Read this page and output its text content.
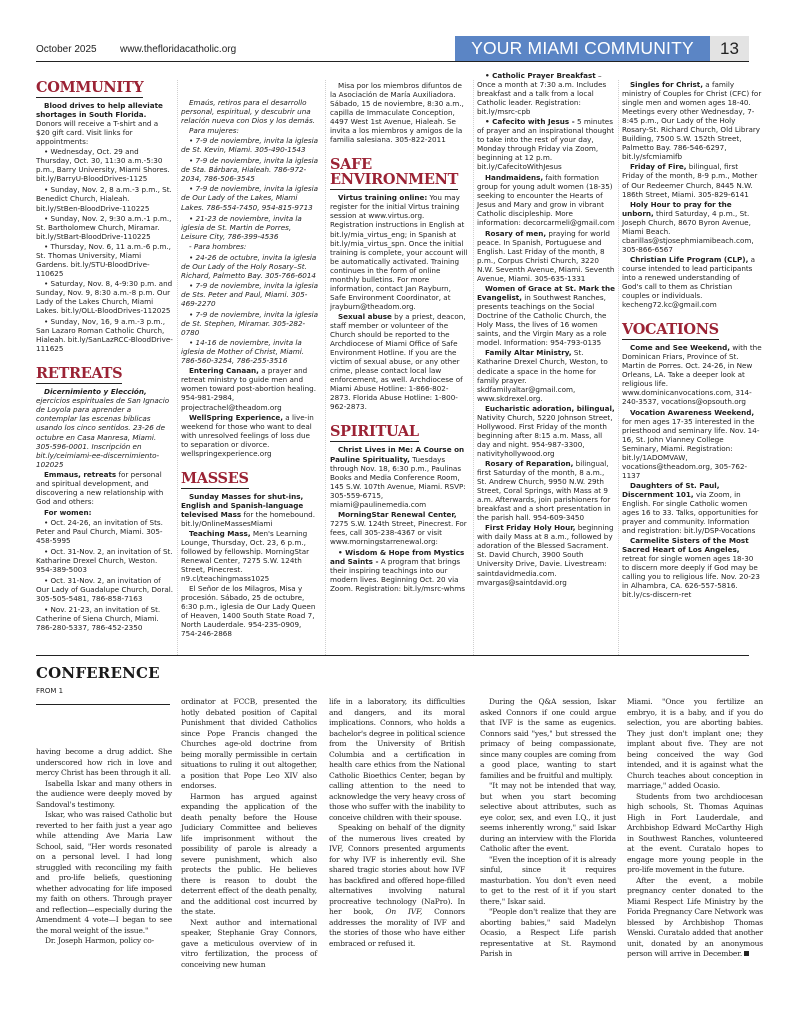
October 2025 www.thefloridacatholic.org	YOUR MIAMI COMMUNITY	13
COMMUNITY

Blood drives to help alleviate shortages in South Florida. Donors will receive a T-shirt and a $20 gift card. Visit links for appointments:

• Wednesday, Oct. 29 and Thursday, Oct. 30, 11:30 a.m.-5:30 p.m., Barry University, Miami Shores. bit.ly/BarryU-BloodDrives-1125

• Sunday, Nov. 2, 8 a.m.-3 p.m., St. Benedict Church, Hialeah. bit.ly/StBen-BloodDrive-110225

• Sunday, Nov. 2, 9:30 a.m.-1 p.m., St. Bartholomew Church, Miramar. bit.ly/StBart-BloodDrive-110225

• Thursday, Nov. 6, 11 a.m.-6 p.m., St. Thomas University, Miami Gardens. bit.ly/STU-BloodDrive-110625

• Saturday, Nov. 8, 4-9:30 p.m. and Sunday, Nov. 9, 8:30 a.m.-8 p.m. Our Lady of the Lakes Church, Miami Lakes. bit.ly/OLL-BloodDrives-112025

• Sunday, Nov, 16, 9 a.m.-3 p.m., San Lazaro Roman Catholic Church, Hialeah. bit.ly/SanLazRCC-BloodDrive-111625

RETREATS

Dicernimiento y Elección, ejercicios espirituales de San Ignacio de Loyola para aprender a contemplar las escenas bíblicas usando los cinco sentidos. 23-26 de octubre en Casa Manresa, Miami. 305-596-0001. Inscripción en bit.ly/ceimiami-ee-discernimiento-102025

Emmaus, retreats for personal and spiritual development, and discovering a new relationship with God and others:

For women:

• Oct. 24-26, an invitation of Sts. Peter and Paul Church, Miami. 305-458-5995

• Oct. 31-Nov. 2, an invitation of St. Katharine Drexel Church, Weston. 954-389-5003

• Oct. 31-Nov. 2, an invitation of Our Lady of Guadalupe Church, Doral. 305-505-5481, 786-858-7163

• Nov. 21-23, an invitation of St. Catherine of Siena Church, Miami. 786-280-5337, 786-452-2350

Emaús, retiros para el desarrollo personal, espiritual, y descubrir una relación nueva con Dios y los demás.

Para mujeres:

• 7-9 de noviembre, invita la iglesia de St. Kevin, Miami. 305-490-1543

• 7-9 de noviembre, invita la iglesia de Sta. Bárbara, Hialeah. 786-972-2034, 786-506-3545

• 7-9 de noviembre, invita la iglesia de Our Lady of the Lakes, Miami Lakes. 786-554-7450, 954-815-9713

• 21-23 de noviembre, invita la iglesia de St. Martin de Porres, Leisure City, 786-399-4536

- Para hombres:

• 24-26 de octubre, invita la iglesia de Our Lady of the Holy Rosary–St. Richard, Palmetto Bay. 305-766-6014

• 7-9 de noviembre, invita la iglesia de Sts. Peter and Paul, Miami. 305-469-2270

• 7-9 de noviembre, invita la iglesia de St. Stephen, Miramar. 305-282-0780

• 14-16 de noviembre, invita la iglesia de Mother of Christ, Miami. 786-560-3254, 786-255-3516

Entering Canaan, a prayer and retreat ministry to guide men and women toward post-abortion healing. 954-981-2984, projectrachel@theadom.org

WellSpring Experience, a live-in weekend for those who want to deal with unresolved feelings of loss due to separation or divorce. wellspringexperience.org

MASSES

Sunday Masses for shut-ins, English and Spanish-language televised Mass for the homebound. bit.ly/OnlineMassesMiami

Teaching Mass, Men's Learning Lounge, Thursday, Oct. 23, 6 p.m., followed by fellowship. MorningStar Renewal Center, 7275 S.W. 124th Street, Pinecrest. n9.cl/teachingmass1025

El Señor de los Milagros, Misa y procesión. Sábado, 25 de octubre, 6:30 p.m., iglesia de Our Lady Queen of Heaven, 1400 South State Road 7, North Lauderdale. 954-235-0909, 754-246-2868

Misa por los miembros difuntos de la Asociación de María Auxiliadora. Sábado, 15 de noviembre, 8:30 a.m., capilla de Immaculate Conception, 4497 West 1st Avenue, Hialeah. Se invita a los miembros y amigos de la familia salesiana. 305-822-2011

SAFE
ENVIRONMENT

Virtus training online: You may register for the initial Virtus training session at www.virtus.org. Registration instructions in English at bit.ly/mia_virtus_eng; in Spanish at bit.ly/mia_virtus_spn. Once the initial training is complete, your account will be automatically activated. Training continues in the form of online monthly bulletins. For more information, contact Jan Rayburn, Safe Environment Coordinator, at jrayburn@theadom.org.

Sexual abuse by a priest, deacon, staff member or volunteer of the Church should be reported to the Archdiocese of Miami Office of Safe Environment Hotline. If you are the victim of sexual abuse, or any other crime, please contact local law enforcement, as well. Archdiocese of Miami Abuse Hotline: 1-866-802-2873. Florida Abuse Hotline: 1-800-962-2873.

SPIRITUAL

Christ Lives in Me: A Course on Pauline Spirituality, Tuesdays through Nov. 18, 6:30 p.m., Paulinas Books and Media Conference Room, 145 S.W. 107th Avenue, Miami. RSVP: 305-559-6715, miami@paulinemedia.com

MorningStar Renewal Center, 7275 S.W. 124th Street, Pinecrest. For fees, call 305-238-4367 or visit www.morningstarrenewal.org:

• Wisdom & Hope from Mystics and Saints - A program that brings their inspiring teachings into our modern lives. Beginning Oct. 20 via Zoom. Registration: bit.ly/msrc-whms

• Catholic Prayer Breakfast – Once a month at 7:30 a.m. Includes breakfast and a talk from a local Catholic leader. Registration: bit.ly/msrc-cpb

• Cafecito with Jesus - 5 minutes of prayer and an inspirational thought to take into the rest of your day, Monday through Friday via Zoom, beginning at 12 p.m. bit.ly/CafecitoWithJesus

Handmaidens, faith formation group for young adult women (18-35) seeking to encounter the Hearts of Jesus and Mary and grow in vibrant Catholic discipleship. More information: decorcarmeli@gmail.com

Rosary of men, praying for world peace. In Spanish, Portuguese and English. Last Friday of the month, 8 p.m., Corpus Christi Church, 3220 N.W. Seventh Avenue, Miami. Seventh Avenue, Miami. 305-635-1331

Women of Grace at St. Mark the Evangelist, in Southwest Ranches, presents teachings on the Social Doctrine of the Catholic Church, the Holy Mass, the lives of 16 women saints, and the Virgin Mary as a role model. Information: 954-793-0135

Family Altar Ministry, St. Katharine Drexel Church, Weston, to dedicate a space in the home for family prayer. skdfamilyaltar@gmail.com, www.skdrexel.org.

Eucharistic adoration, bilingual, Nativity Church, 5220 Johnson Street, Hollywood. First Friday of the month beginning after 8:15 a.m. Mass, all day and night. 954-987-3300, nativityhollywood.org

Rosary of Reparation, bilingual, first Saturday of the month, 8 a.m., St. Andrew Church, 9950 N.W. 29th Street, Coral Springs, with Mass at 9 a.m. Afterwards, join parishioners for breakfast and a short presentation in the parish hall. 954-609-3450

First Friday Holy Hour, beginning with daily Mass at 8 a.m., followed by adoration of the Blessed Sacrament. St. David Church, 3900 South University Drive, Davie. Livestream: saintdavidmedia.com. mvargas@saintdavid.org

Singles for Christ, a family ministry of Couples for Christ (CFC) for single men and women ages 18-40. Meetings every other Wednesday, 7-8:45 p.m., Our Lady of the Holy Rosary-St. Richard Church, Old Library Building, 7500 S.W. 152th Street, Palmetto Bay. 786-546-6297, bit.ly/sfcmiamifb

Friday of Fire, bilingual, first Friday of the month, 8-9 p.m., Mother of Our Redeemer Church, 8445 N.W. 186th Street, Miami. 305-829-6141

Holy Hour to pray for the unborn, third Saturday, 4 p.m., St. Joseph Church, 8670 Byron Avenue, Miami Beach. cbarillas@stjosephmiamibeach.com, 305-866-6567

Christian Life Program (CLP), a course intended to lead participants into a renewed understanding of God's call to them as Christian couples or individuals. kecheng72.kc@gmail.com

VOCATIONS

Come and See Weekend, with the Dominican Friars, Province of St. Martin de Porres. Oct. 24-26, in New Orleans, LA. Take a deeper look at religious life. www.dominicanvocations.com, 314-240-3537, vocations@opsouth.org

Vocation Awareness Weekend, for men ages 17-35 interested in the priesthood and seminary life. Nov. 14-16, St. John Vianney College Seminary, Miami. Registration: bit.ly/1ADOMVAW, vocations@theadom.org, 305-762-1137

Daughters of St. Paul, Discernment 101, via Zoom, in English. For single Catholic women ages 16 to 33. Talks, opportunities for prayer and community. Information and registration: bit.ly/DSP-Vocations

Carmelite Sisters of the Most Sacred Heart of Los Angeles, retreat for single women ages 18-30 to discern more deeply if God may be calling you to religious life. Nov. 20-23 in Alhambra, CA. 626-557-5816. bit.ly/cs-discern-ret

CONFERENCE
FROM 1

having become a drug addict. She underscored how rich in love and mercy Christ has been through it all.

Isabella Iskar and many others in the audience were deeply moved by Sandoval's testimony.

Iskar, who was raised Catholic but reverted to her faith just a year ago while attending Ave Maria Law School, said, "Her words resonated on a personal level. I had long struggled with reconciling my faith and pro-life beliefs, questioning whether advocating for life imposed my faith on others. Through prayer and reflection—especially during the Amendment 4 vote—I began to see the moral weight of the issue."

Dr. Joseph Harmon, policy co-

ordinator at FCCB, presented the hotly debated position of Capital Punishment that divided Catholics since Pope Francis changed the Churches age-old doctrine from being morally permissible in certain situations to ruling it out altogether, a position that Pope Leo XIV also endorses.

Harmon has argued against expanding the application of the death penalty before the House Judiciary Committee and believes life imprisonment without the possibility of parole is already a severe punishment, which also protects the public. He believes there is reason to doubt the deterrent effect of the death penalty, and the additional cost incurred by the state.

Next author and international speaker, Stephanie Gray Connors, gave a meticulous overview of in vitro fertilization, the process of conceiving new human

life in a laboratory, its difficulties and dangers, and its moral implications. Connors, who holds a bachelor's degree in political science from the University of British Columbia and a certification in health care ethics from the National Catholic Bioethics Center, began by calling attention to the need to acknowledge the very heavy cross of those who suffer with the inability to conceive children with their spouse.

Speaking on behalf of the dignity of the numerous lives created by IVF, Connors presented arguments for why IVF is inherently evil. She shared tragic stories about how IVF has backfired and offered hope-filled alternatives involving natural procreative technology (NaPro). In her book, On IVF, Connors addresses the morality of IVF and the stories of those who have either embraced or refused it.

During the Q&A session, Iskar asked Connors if one could argue that IVF is the same as eugenics. Connors said "yes," but stressed the primacy of being compassionate, since many couples are coming from a good place, wanting to start families and be fruitful and multiply.

"It may not be intended that way, but when you start becoming selective about attributes, such as eye color, sex, and even I.Q., it just seems inherently wrong," said Iskar during an interview with the Florida Catholic after the event.

"Even the inception of it is already sinful, since it requires masturbation. You don't even need to get to the rest of it if you start there," Iskar said.

"People don't realize that they are aborting babies," said Madelyn Ocasio, a Respect Life parish representative at St. Raymond Parish in

Miami. "Once you fertilize an embryo, it is a baby, and if you do selection, you are aborting babies. They just don't implant one; they implant about five. They are not being conceived the way God intended, and it is against what the Church teaches about conception in marriage," added Ocasio.

Students from two archdiocesan high schools, St. Thomas Aquinas High in Fort Lauderdale, and Archbishop Edward McCarthy High in Southwest Ranches, volunteered at the event. Curatalo hopes to engage more young people in the pro-life movement in the future.

After the event, a mobile pregnancy center donated to the Miami Respect Life Ministry by the Forida Pregnancy Care Network was blessed by Archbishop Thomas Wenski. Curatalo added that another unit, donated by an anonymous person will arrive in December.
